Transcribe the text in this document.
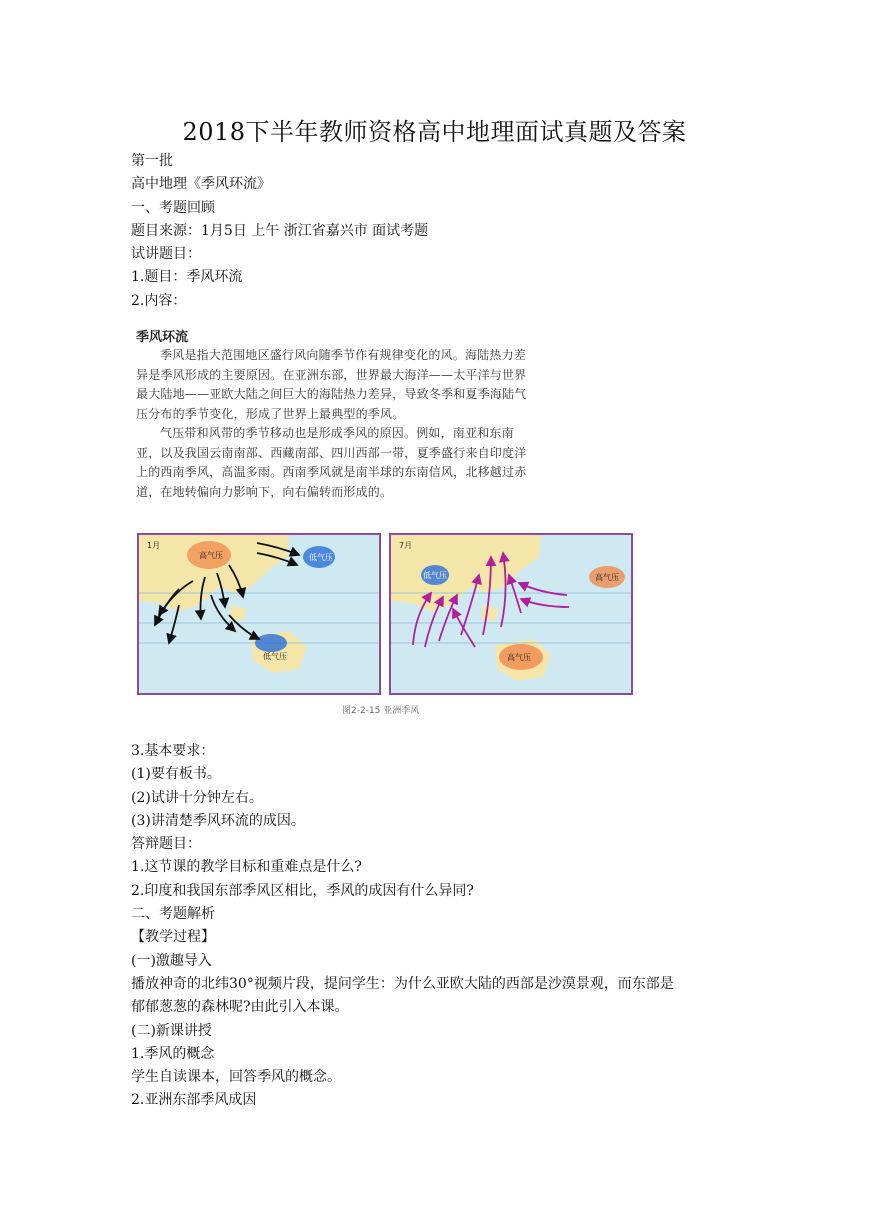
2018下半年教师资格高中地理面试真题及答案
第一批
高中地理《季风环流》
一、考题回顾
题目来源：1月5日 上午 浙江省嘉兴市 面试考题
试讲题目：
1.题目：季风环流
2.内容：
季风环流
季风是指大范围地区盛行风向随季节作有规律变化的风。海陆热力差异是季风形成的主要原因。在亚洲东部，世界最大海洋——太平洋与世界最大陆地——亚欧大陆之间巨大的海陆热力差异，导致冬季和夏季海陆气压分布的季节变化，形成了世界上最典型的季风。
气压带和风带的季节移动也是形成季风的原因。例如，南亚和东南亚，以及我国云南南部、西藏南部、四川西部一带，夏季盛行来自印度洋上的西南季风，高温多雨。西南季风就是南半球的东南信风，北移越过赤道，在地转偏向力影响下，向右偏转而形成的。
高气压	低气压
低气压
1月
低气压	高气压
高气压
7月
图2-2-15 亚洲季风
3.基本要求：
(1)要有板书。
(2)试讲十分钟左右。
(3)讲清楚季风环流的成因。
答辩题目：
1.这节课的教学目标和重难点是什么?
2.印度和我国东部季风区相比，季风的成因有什么异同?
二、考题解析
【教学过程】
(一)激趣导入
播放神奇的北纬30°视频片段，提问学生：为什么亚欧大陆的西部是沙漠景观，而东部是
郁郁葱葱的森林呢?由此引入本课。
(二)新课讲授
1.季风的概念
学生自读课本，回答季风的概念。
2.亚洲东部季风成因
